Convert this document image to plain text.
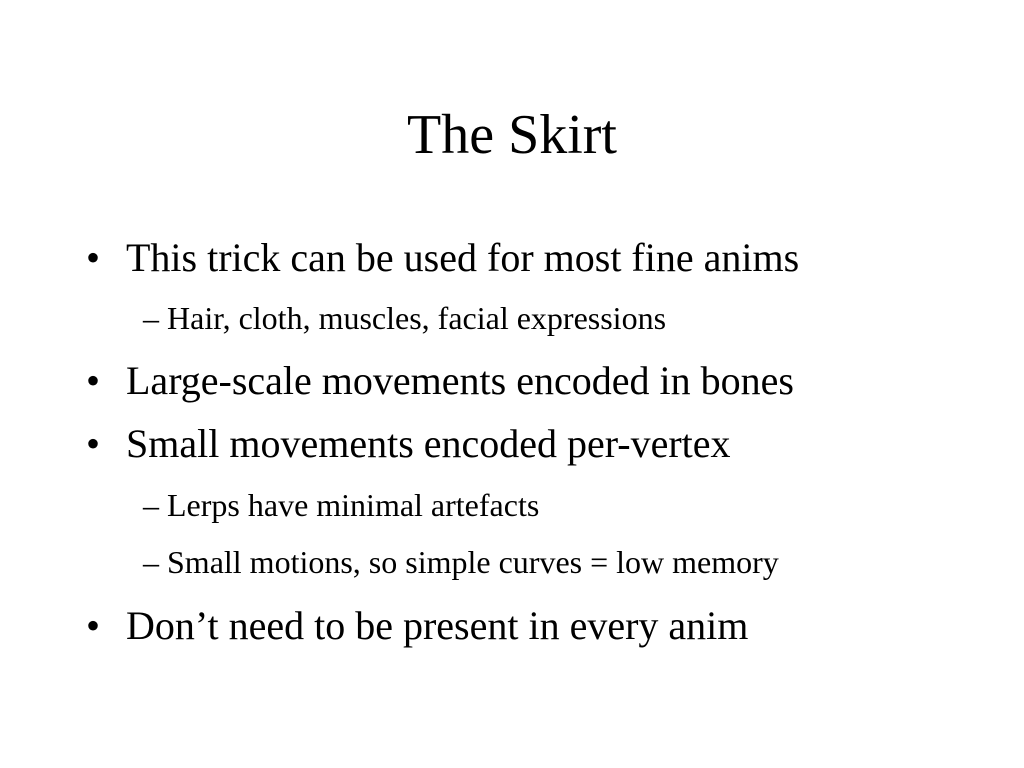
The Skirt
• This trick can be used for most fine anims
– Hair, cloth, muscles, facial expressions
• Large-scale movements encoded in bones
• Small movements encoded per-vertex
– Lerps have minimal artefacts
– Small motions, so simple curves = low memory
• Don’t need to be present in every anim
